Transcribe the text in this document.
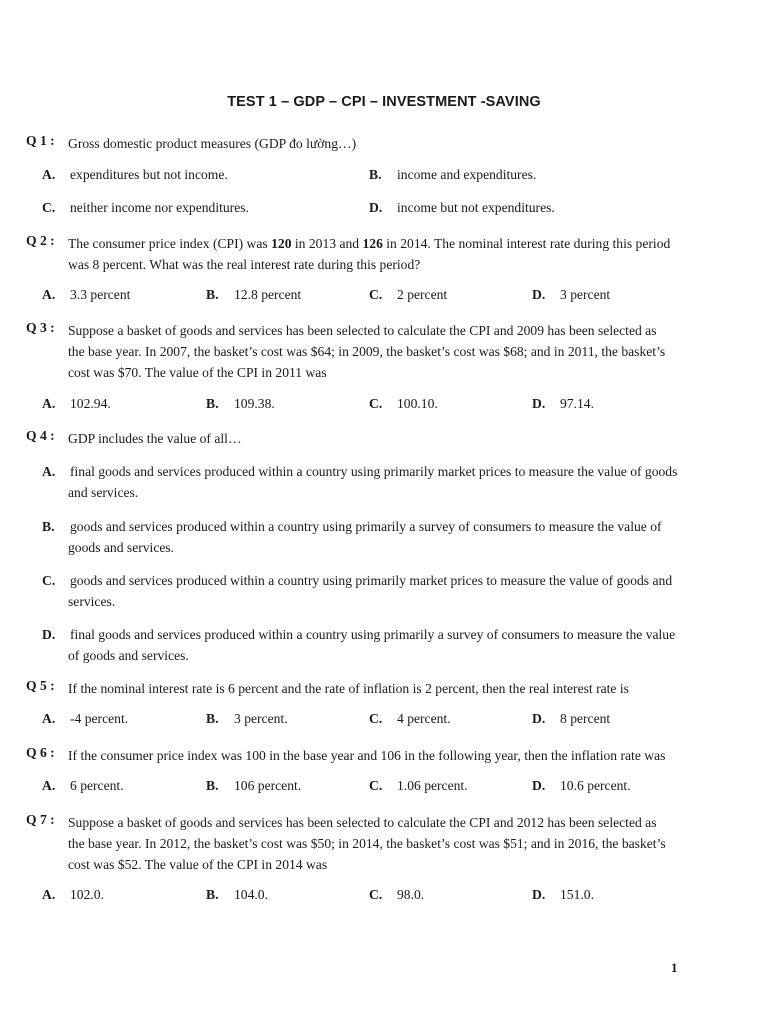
TEST 1 – GDP – CPI – INVESTMENT -SAVING
Q 1 : Gross domestic product measures (GDP đo lường…)
A. expenditures but not income.	B. income and expenditures.
C. neither income nor expenditures.	D. income but not expenditures.
Q 2 : The consumer price index (CPI) was 120 in 2013 and 126 in 2014. The nominal interest rate during this period
was 8 percent. What was the real interest rate during this period?
A. 3.3 percent	B. 12.8 percent	C. 2 percent	D. 3 percent
Q 3 : Suppose a basket of goods and services has been selected to calculate the CPI and 2009 has been selected as
the base year. In 2007, the basket’s cost was $64; in 2009, the basket’s cost was $68; and in 2011, the basket’s
cost was $70. The value of the CPI in 2011 was
A. 102.94.	B. 109.38.	C. 100.10.	D. 97.14.
Q 4 : GDP includes the value of all…
A. final goods and services produced within a country using primarily market prices to measure the value of goods
and services.
B. goods and services produced within a country using primarily a survey of consumers to measure the value of
goods and services.
C. goods and services produced within a country using primarily market prices to measure the value of goods and
services.
D. final goods and services produced within a country using primarily a survey of consumers to measure the value
of goods and services.
Q 5 : If the nominal interest rate is 6 percent and the rate of inflation is 2 percent, then the real interest rate is
A. -4 percent.	B. 3 percent.	C. 4 percent.	D. 8 percent
Q 6 : If the consumer price index was 100 in the base year and 106 in the following year, then the inflation rate was
A. 6 percent.	B. 106 percent.	C. 1.06 percent.	D. 10.6 percent.
Q 7 : Suppose a basket of goods and services has been selected to calculate the CPI and 2012 has been selected as
the base year. In 2012, the basket’s cost was $50; in 2014, the basket’s cost was $51; and in 2016, the basket’s
cost was $52. The value of the CPI in 2014 was
A. 102.0.	B. 104.0.	C. 98.0.	D. 151.0.
1
